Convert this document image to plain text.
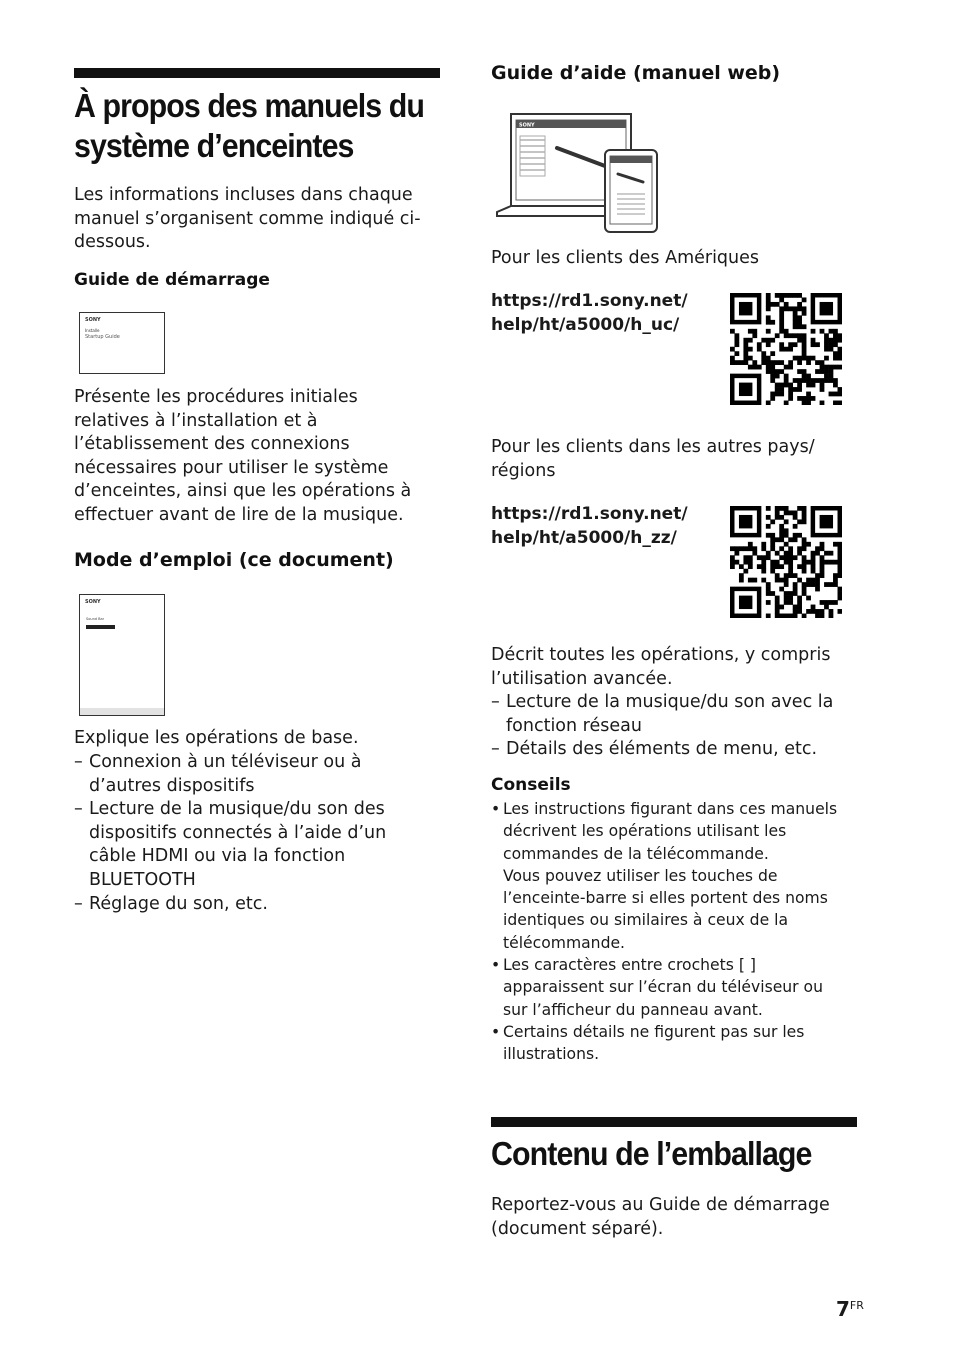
À propos des manuels du
système d’enceintes
Les informations incluses dans chaque
manuel s’organisent comme indiqué ci-
dessous.
Guide de démarrage
SONY
Installe
Startup Guide
Présente les procédures initiales
relatives à l’installation et à
l’établissement des connexions
nécessaires pour utiliser le système
d’enceintes, ainsi que les opérations à
effectuer avant de lire de la musique.
Mode d’emploi (ce document)
SONY
Sound Bar
Explique les opérations de base.
– Connexion à un téléviseur ou à
d’autres dispositifs
– Lecture de la musique/du son des
dispositifs connectés à l’aide d’un
câble HDMI ou via la fonction
BLUETOOTH
– Réglage du son, etc.
Guide d’aide (manuel web)
SONY
Pour les clients des Amériques
https://rd1.sony.net/
help/ht/a5000/h_uc/
Pour les clients dans les autres pays/
régions
https://rd1.sony.net/
help/ht/a5000/h_zz/
Décrit toutes les opérations, y compris
l’utilisation avancée.
– Lecture de la musique/du son avec la
fonction réseau
– Détails des éléments de menu, etc.
Conseils
• Les instructions figurant dans ces manuels
décrivent les opérations utilisant les
commandes de la télécommande.
Vous pouvez utiliser les touches de
l’enceinte-barre si elles portent des noms
identiques ou similaires à ceux de la
télécommande.
• Les caractères entre crochets [ ]
apparaissent sur l’écran du téléviseur ou
sur l’afficheur du panneau avant.
• Certains détails ne figurent pas sur les
illustrations.
Contenu de l’emballage
Reportez-vous au Guide de démarrage
(document séparé).
$7^{FR}$
